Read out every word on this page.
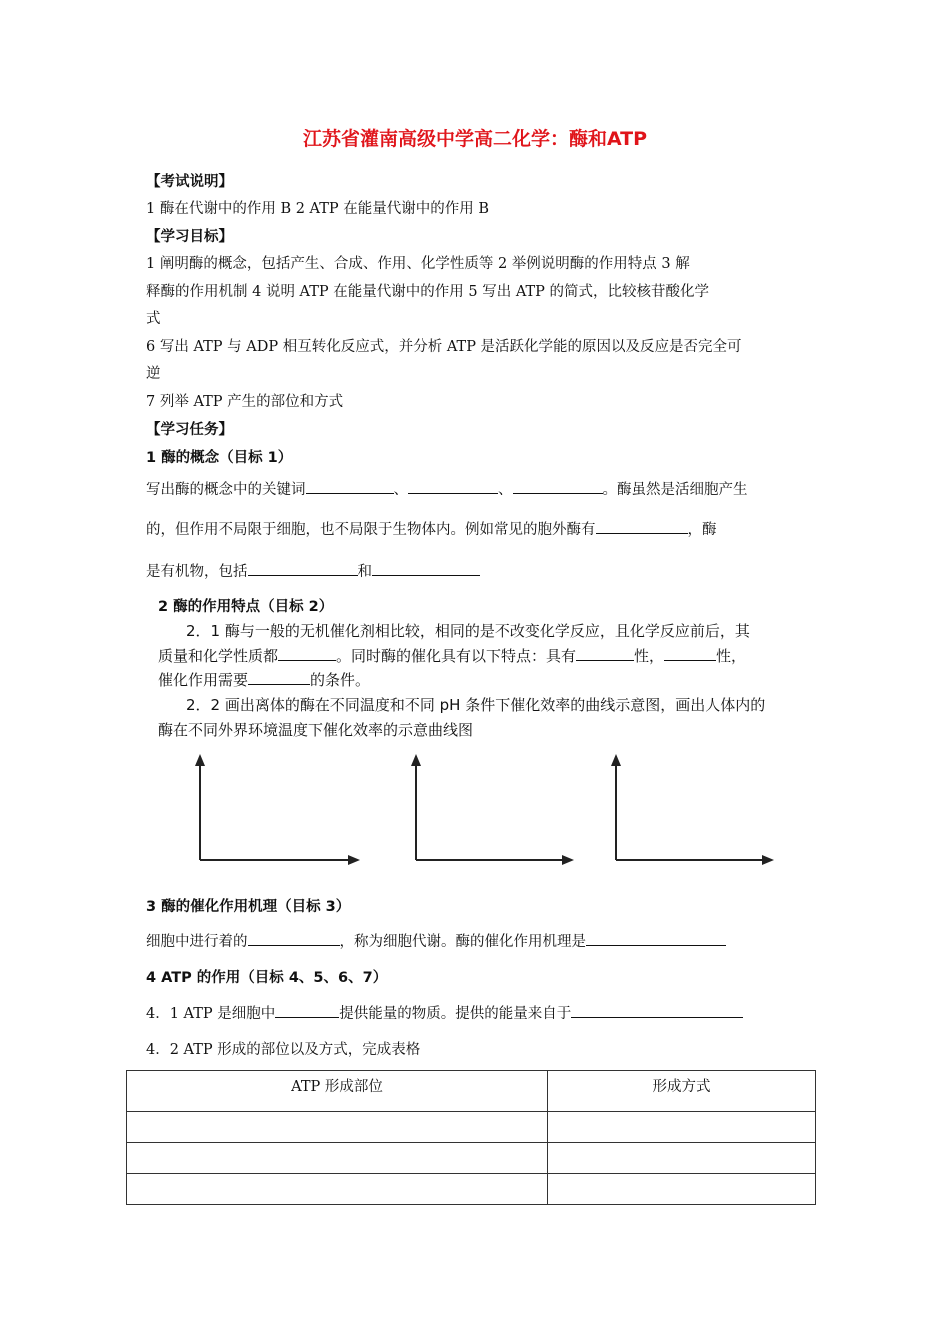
江苏省灌南高级中学高二化学：酶和ATP
【考试说明】
1 酶在代谢中的作用 B 2 ATP 在能量代谢中的作用 B
【学习目标】
1 阐明酶的概念，包括产生、合成、作用、化学性质等 2 举例说明酶的作用特点 3 解
释酶的作用机制 4 说明 ATP 在能量代谢中的作用 5 写出 ATP 的简式，比较核苷酸化学
式
6 写出 ATP 与 ADP 相互转化反应式，并分析 ATP 是活跃化学能的原因以及反应是否完全可
逆
7 列举 ATP 产生的部位和方式
【学习任务】
1 酶的概念（目标 1）
写出酶的概念中的关键词	、	、	。酶虽然是活细胞产生
的，但作用不局限于细胞，也不局限于生物体内。例如常见的胞外酶有	，酶
是有机物，包括	和
2 酶的作用特点（目标 2）
2．1 酶与一般的无机催化剂相比较，相同的是不改变化学反应，且化学反应前后，其
质量和化学性质都	。同时酶的催化具有以下特点：具有	性，	性，
催化作用需要	的条件。
2．2 画出离体的酶在不同温度和不同 pH 条件下催化效率的曲线示意图，画出人体内的
酶在不同外界环境温度下催化效率的示意曲线图
3 酶的催化作用机理（目标 3）
细胞中进行着的	，称为细胞代谢。酶的催化作用机理是
4 ATP 的作用（目标 4、5、6、7）
4．1 ATP 是细胞中	提供能量的物质。提供的能量来自于
4．2 ATP 形成的部位以及方式，完成表格
ATP 形成部位	形成方式
